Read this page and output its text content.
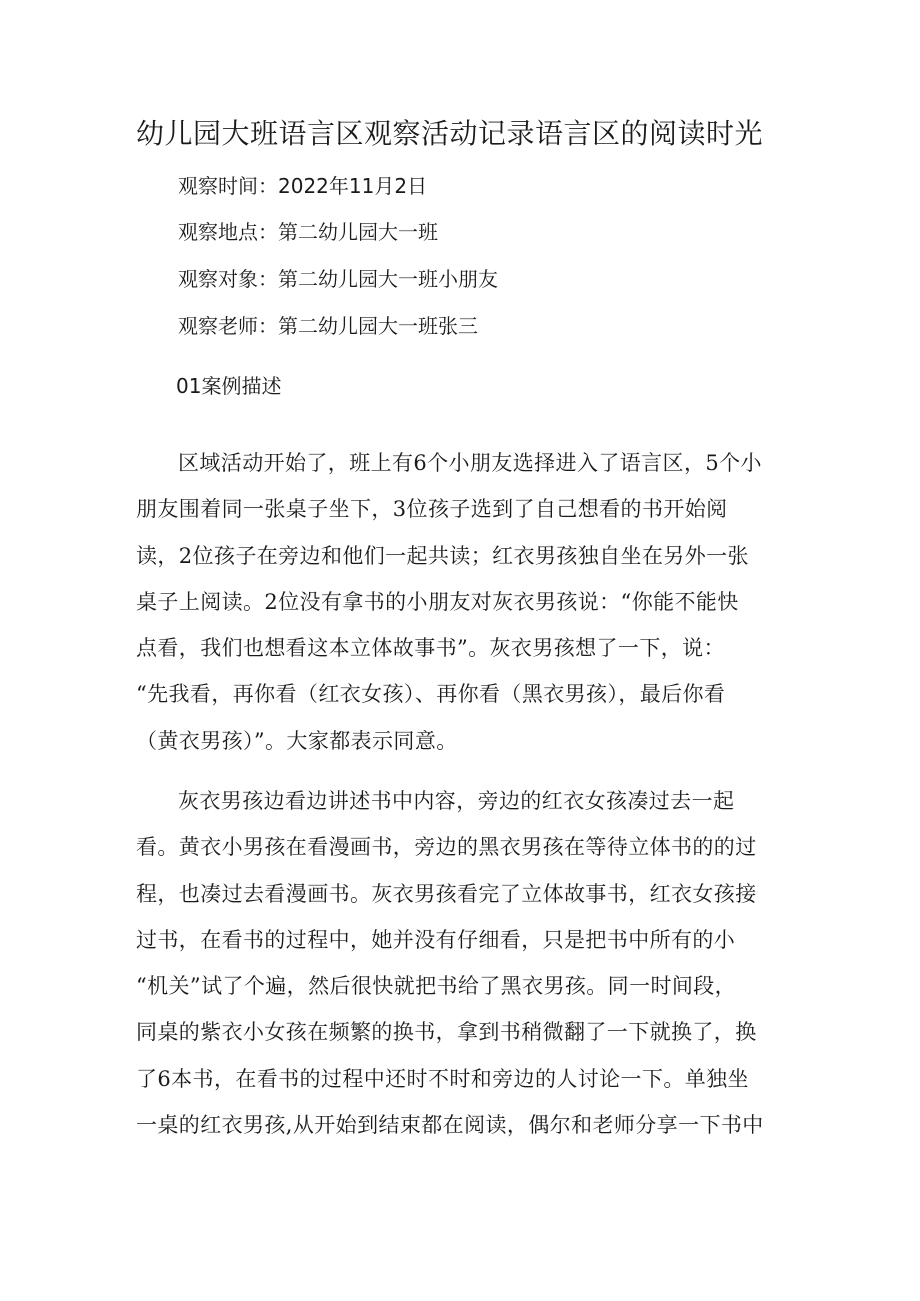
幼儿园大班语言区观察活动记录语言区的阅读时光

观察时间：2022年11月2日

观察地点：第二幼儿园大一班

观察对象：第二幼儿园大一班小朋友

观察老师：第二幼儿园大一班张三

01案例描述

区域活动开始了，班上有6个小朋友选择进入了语言区，5个小
朋友围着同一张桌子坐下，3位孩子选到了自己想看的书开始阅
读，2位孩子在旁边和他们一起共读；红衣男孩独自坐在另外一张
桌子上阅读。2位没有拿书的小朋友对灰衣男孩说：“你能不能快
点看，我们也想看这本立体故事书”。灰衣男孩想了一下，说：
“先我看，再你看（红衣女孩）、再你看（黑衣男孩），最后你看
（黄衣男孩）”。大家都表示同意。
灰衣男孩边看边讲述书中内容，旁边的红衣女孩凑过去一起
看。黄衣小男孩在看漫画书，旁边的黑衣男孩在等待立体书的的过
程，也凑过去看漫画书。灰衣男孩看完了立体故事书，红衣女孩接
过书，在看书的过程中，她并没有仔细看，只是把书中所有的小
“机关”试了个遍，然后很快就把书给了黑衣男孩。同一时间段，
同桌的紫衣小女孩在频繁的换书，拿到书稍微翻了一下就换了，换
了6本书，在看书的过程中还时不时和旁边的人讨论一下。单独坐
一桌的红衣男孩,从开始到结束都在阅读，偶尔和老师分享一下书中
